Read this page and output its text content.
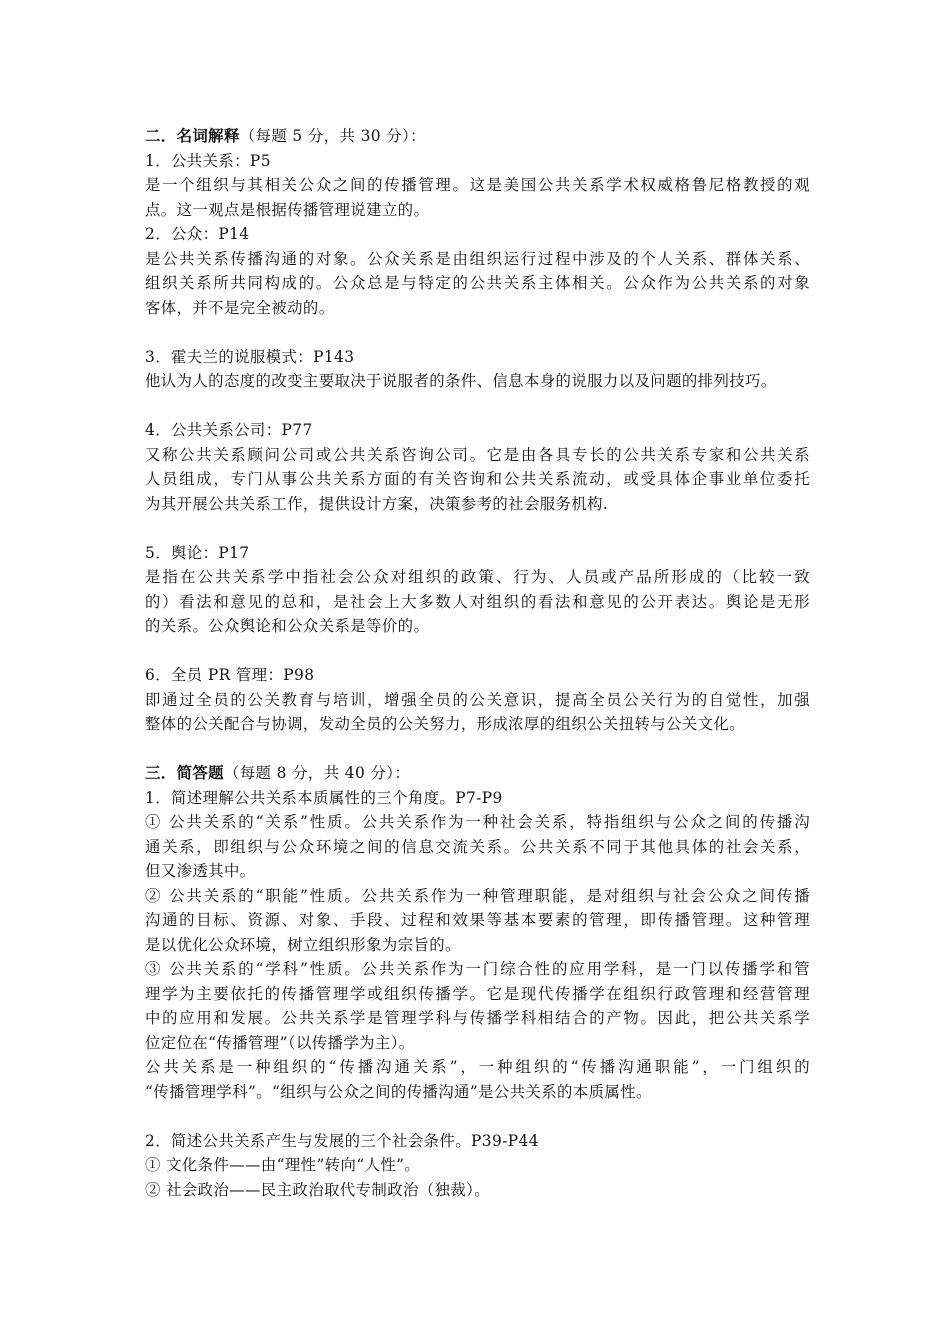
二．名词解释（每题 5 分，共 30 分）：
1．公共关系：P5
是一个组织与其相关公众之间的传播管理。这是美国公共关系学术权威格鲁尼格教授的观
点。这一观点是根据传播管理说建立的。
2．公众：P14
是公共关系传播沟通的对象。公众关系是由组织运行过程中涉及的个人关系、群体关系、
组织关系所共同构成的。公众总是与特定的公共关系主体相关。公众作为公共关系的对象
客体，并不是完全被动的。
3．霍夫兰的说服模式：P143
他认为人的态度的改变主要取决于说服者的条件、信息本身的说服力以及问题的排列技巧。
4．公共关系公司：P77
又称公共关系顾问公司或公共关系咨询公司。它是由各具专长的公共关系专家和公共关系
人员组成，专门从事公共关系方面的有关咨询和公共关系流动，或受具体企事业单位委托
为其开展公共关系工作，提供设计方案，决策参考的社会服务机构.
5．舆论：P17
是指在公共关系学中指社会公众对组织的政策、行为、人员或产品所形成的（比较一致
的）看法和意见的总和，是社会上大多数人对组织的看法和意见的公开表达。舆论是无形
的关系。公众舆论和公众关系是等价的。
6．全员 PR 管理：P98
即通过全员的公关教育与培训，增强全员的公关意识，提高全员公关行为的自觉性，加强
整体的公关配合与协调，发动全员的公关努力，形成浓厚的组织公关扭转与公关文化。
三．简答题（每题 8 分，共 40 分）：
1．简述理解公共关系本质属性的三个角度。P7-P9
① 公共关系的“关系”性质。公共关系作为一种社会关系，特指组织与公众之间的传播沟
通关系，即组织与公众环境之间的信息交流关系。公共关系不同于其他具体的社会关系，
但又渗透其中。
② 公共关系的“职能”性质。公共关系作为一种管理职能，是对组织与社会公众之间传播
沟通的目标、资源、对象、手段、过程和效果等基本要素的管理，即传播管理。这种管理
是以优化公众环境，树立组织形象为宗旨的。
③ 公共关系的“学科”性质。公共关系作为一门综合性的应用学科，是一门以传播学和管
理学为主要依托的传播管理学或组织传播学。它是现代传播学在组织行政管理和经营管理
中的应用和发展。公共关系学是管理学科与传播学科相结合的产物。因此，把公共关系学
位定位在“传播管理”（以传播学为主）。
公共关系是一种组织的“传播沟通关系”，一种组织的“传播沟通职能”，一门组织的
“传播管理学科”。“组织与公众之间的传播沟通”是公共关系的本质属性。
2．简述公共关系产生与发展的三个社会条件。P39-P44
① 文化条件——由“理性”转向“人性”。
② 社会政治——民主政治取代专制政治（独裁）。
